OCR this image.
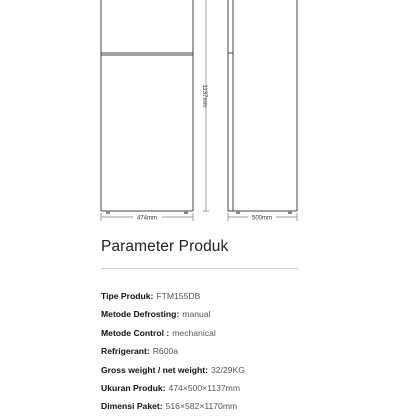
1137mm
474mm	500mm
Parameter Produk
Tipe Produk: FTM155DB
Metode Defrosting: manual
Metode Control : mechanical
Refrigerant: R600a
Gross weight / net weight: 32/29KG
Ukuran Produk: 474×500×1137mm
Dimensi Paket: 516×582×1170mm
